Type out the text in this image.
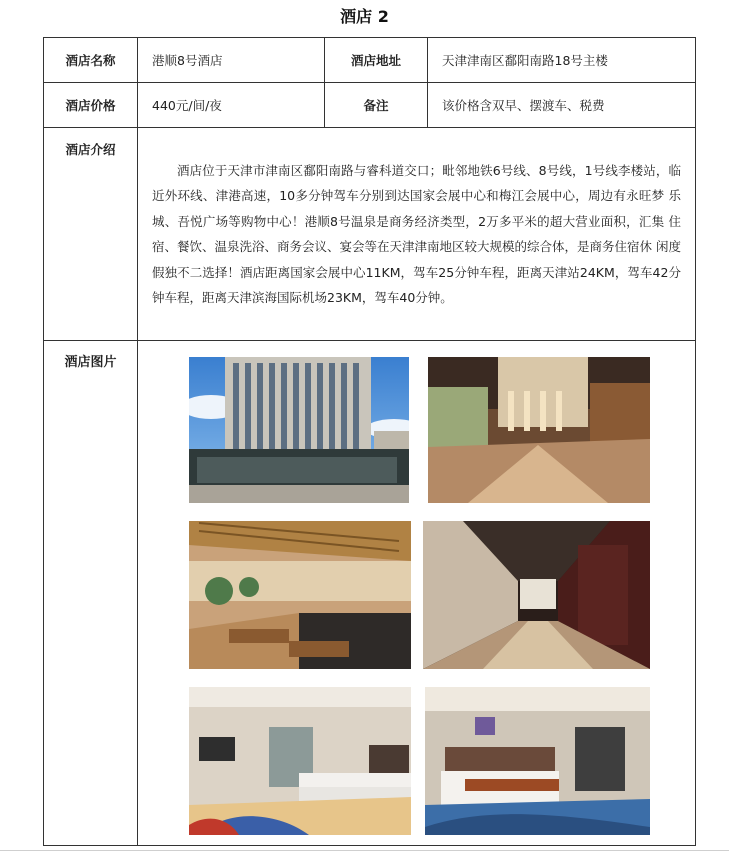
酒店 2
酒店名称	港顺8号酒店	酒店地址	天津津南区鄱阳南路18号主楼
酒店价格	440元/间/夜	备注	该价格含双早、摆渡车、税费
酒店介绍	酒店位于天津市津南区鄱阳南路与睿科道交口；毗邻地铁6号线、8号线，1号线李楼站，临近外环线、津港高速，10多分钟驾车分别到达国家会展中心和梅江会展中心，周边有永旺梦 乐城、吾悦广场等购物中心！港顺8号温泉是商务经济类型，2万多平米的超大营业面积，汇集 住宿、餐饮、温泉洗浴、商务会议、宴会等在天津津南地区较大规模的综合体，是商务住宿休 闲度假独不二选择！酒店距离国家会展中心11KM，驾车25分钟车程，距离天津站24KM，驾车42分钟车程，距离天津滨海国际机场23KM，驾车40分钟。		
酒店图片	
